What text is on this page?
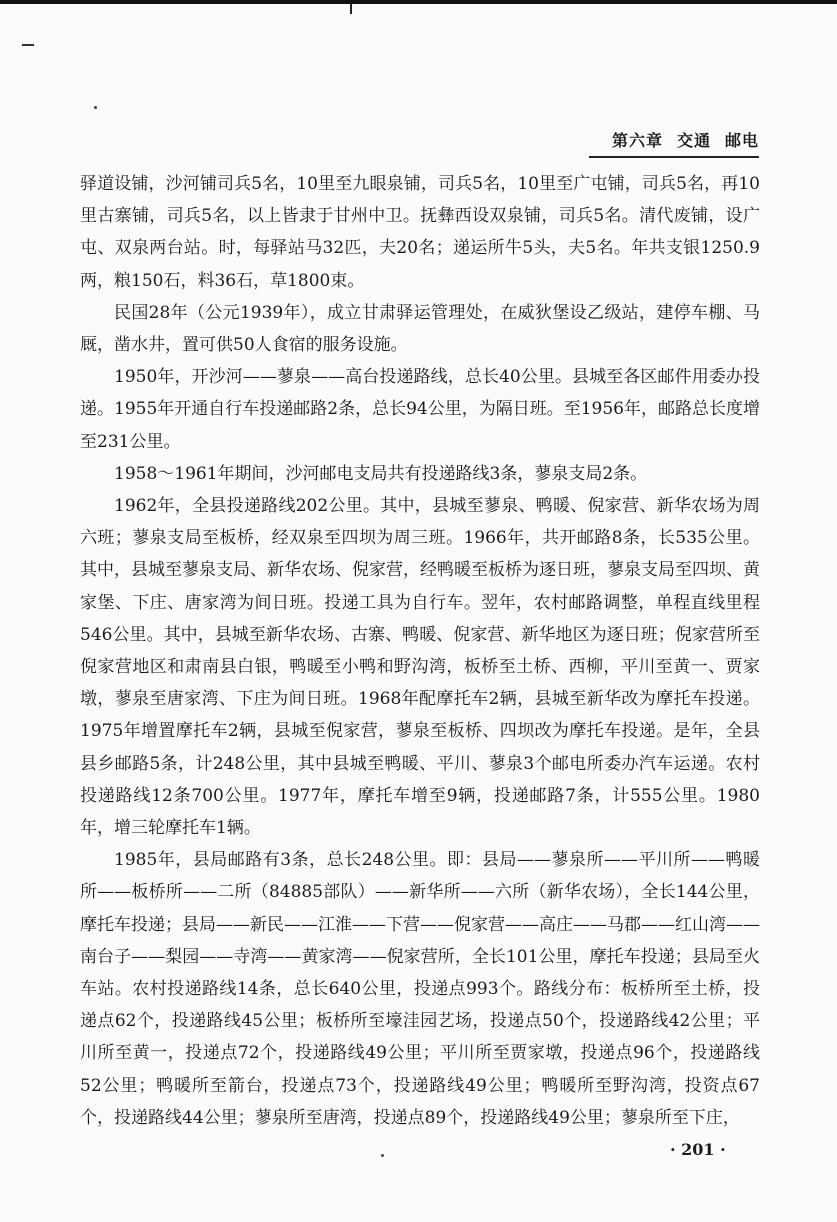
第六章 交通 邮电

驿道设铺，沙河铺司兵5名，10里至九眼泉铺，司兵5名，10里至广屯铺，司兵5名，再10里古寨铺，司兵5名，以上皆隶于甘州中卫。抚彝西设双泉铺，司兵5名。清代废铺，设广屯、双泉两台站。时，每驿站马32匹，夫20名；递运所牛5头，夫5名。年共支银1250.9两，粮150石，料36石，草1800束。

民国28年（公元1939年），成立甘肃驿运管理处，在威狄堡设乙级站，建停车棚、马厩，凿水井，置可供50人食宿的服务设施。

1950年，开沙河——蓼泉——高台投递路线，总长40公里。县城至各区邮件用委办投递。1955年开通自行车投递邮路2条，总长94公里，为隔日班。至1956年，邮路总长度增至231公里。

1958～1961年期间，沙河邮电支局共有投递路线3条，蓼泉支局2条。

1962年，全县投递路线202公里。其中，县城至蓼泉、鸭暖、倪家营、新华农场为周六班；蓼泉支局至板桥，经双泉至四坝为周三班。1966年，共开邮路8条，长535公里。其中，县城至蓼泉支局、新华农场、倪家营，经鸭暖至板桥为逐日班，蓼泉支局至四坝、黄家堡、下庄、唐家湾为间日班。投递工具为自行车。翌年，农村邮路调整，单程直线里程546公里。其中，县城至新华农场、古寨、鸭暖、倪家营、新华地区为逐日班；倪家营所至倪家营地区和肃南县白银，鸭暖至小鸭和野沟湾，板桥至土桥、西柳，平川至黄一、贾家墩，蓼泉至唐家湾、下庄为间日班。1968年配摩托车2辆，县城至新华改为摩托车投递。1975年增置摩托车2辆，县城至倪家营，蓼泉至板桥、四坝改为摩托车投递。是年，全县县乡邮路5条，计248公里，其中县城至鸭暖、平川、蓼泉3个邮电所委办汽车运递。农村投递路线12条700公里。1977年，摩托车增至9辆，投递邮路7条，计555公里。1980年，增三轮摩托车1辆。

1985年，县局邮路有3条，总长248公里。即：县局——蓼泉所——平川所——鸭暖所——板桥所——二所（84885部队）——新华所——六所（新华农场），全长144公里，摩托车投递；县局——新民——江淮——下营——倪家营——高庄——马郡——红山湾——南台子——梨园——寺湾——黄家湾——倪家营所，全长101公里，摩托车投递；县局至火车站。农村投递路线14条，总长640公里，投递点993个。路线分布：板桥所至土桥，投递点62个，投递路线45公里；板桥所至壕洼园艺场，投递点50个，投递路线42公里；平川所至黄一，投递点72个，投递路线49公里；平川所至贾家墩，投递点96个，投递路线52公里；鸭暖所至箭台，投递点73个，投递路线49公里；鸭暖所至野沟湾，投资点67个，投递路线44公里；蓼泉所至唐湾，投递点89个，投递路线49公里；蓼泉所至下庄，

· 201 ·
